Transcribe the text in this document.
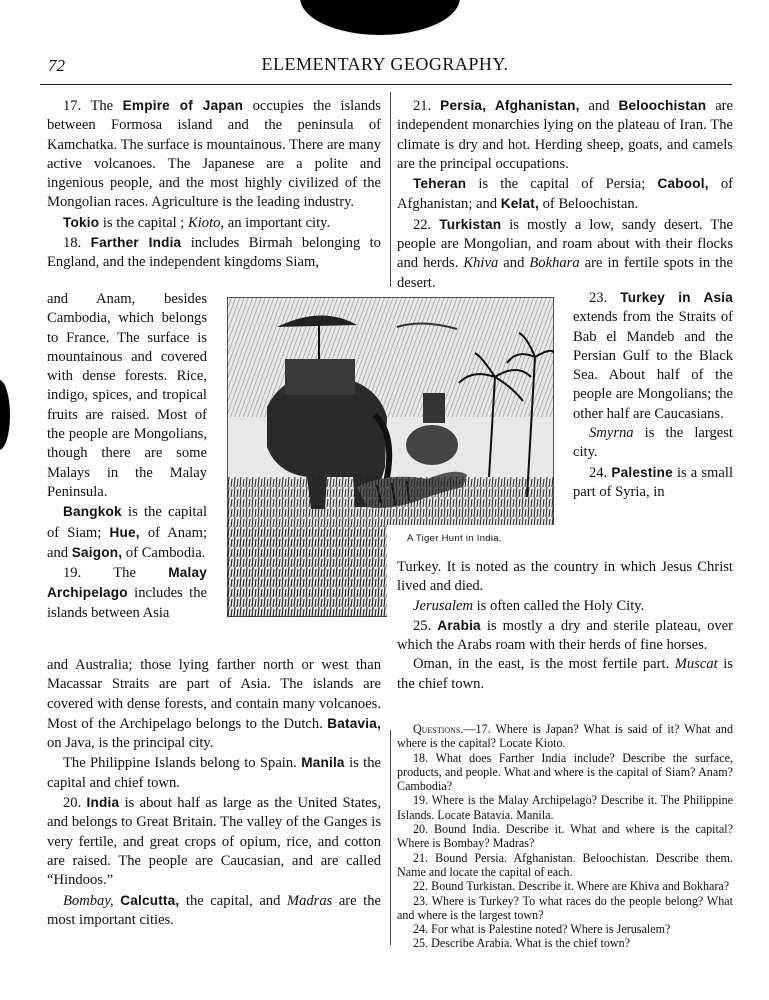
72	ELEMENTARY GEOGRAPHY.

17. The Empire of Japan occupies the islands between Formosa island and the peninsula of Kamchatka. The surface is mountainous. There are many active volcanoes. The Japanese are a polite and ingenious people, and the most highly civilized of the Mongolian races. Agriculture is the leading industry.

Tokio is the capital ; Kioto, an important city.

18. Farther India includes Birmah belonging to England, and the independent kingdoms Siam,

and Anam, besides Cambodia, which belongs to France. The surface is mountainous and covered with dense forests. Rice, indigo, spices, and tropical fruits are raised. Most of the people are Mongolians, though there are some Malays in the Malay Peninsula.

Bangkok is the capital of Siam; Hue, of Anam; and Saigon, of Cambodia.

19. The Malay Archipelago includes the islands between Asia

A Tiger Hunt in India.

and Australia; those lying farther north or west than Macassar Straits are part of Asia. The islands are covered with dense forests, and contain many volcanoes. Most of the Archipelago belongs to the Dutch. Batavia, on Java, is the principal city.

The Philippine Islands belong to Spain. Manila is the capital and chief town.

20. India is about half as large as the United States, and belongs to Great Britain. The valley of the Ganges is very fertile, and great crops of opium, rice, and cotton are raised. The people are Caucasian, and are called “Hindoos.”

Bombay, Calcutta, the capital, and Madras are the most important cities.

21. Persia, Afghanistan, and Beloochistan are independent monarchies lying on the plateau of Iran. The climate is dry and hot. Herding sheep, goats, and camels are the principal occupations.

Teheran is the capital of Persia; Cabool, of Afghanistan; and Kelat, of Beloochistan.

22. Turkistan is mostly a low, sandy desert. The people are Mongolian, and roam about with their flocks and herds. Khiva and Bokhara are in fertile spots in the desert.

23. Turkey in Asia extends from the Straits of Bab el Mandeb and the Persian Gulf to the Black Sea. About half of the people are Mongolians; the other half are Caucasians.

Smyrna is the largest city.

24. Palestine is a small part of Syria, in

Turkey. It is noted as the country in which Jesus Christ lived and died.

Jerusalem is often called the Holy City.

25. Arabia is mostly a dry and sterile plateau, over which the Arabs roam with their herds of fine horses.

Oman, in the east, is the most fertile part. Muscat is the chief town.

Questions.—17. Where is Japan? What is said of it? What and where is the capital? Locate Kioto.

18. What does Farther India include? Describe the surface, products, and people. What and where is the capital of Siam? Anam? Cambodia?

19. Where is the Malay Archipelago? Describe it. The Philippine Islands. Locate Batavia. Manila.

20. Bound India. Describe it. What and where is the capital? Where is Bombay? Madras?

21. Bound Persia. Afghanistan. Beloochistan. Describe them. Name and locate the capital of each.

22. Bound Turkistan. Describe it. Where are Khiva and Bokhara?

23. Where is Turkey? To what races do the people belong? What and where is the largest town?

24. For what is Palestine noted? Where is Jerusalem?

25. Describe Arabia. What is the chief town?
